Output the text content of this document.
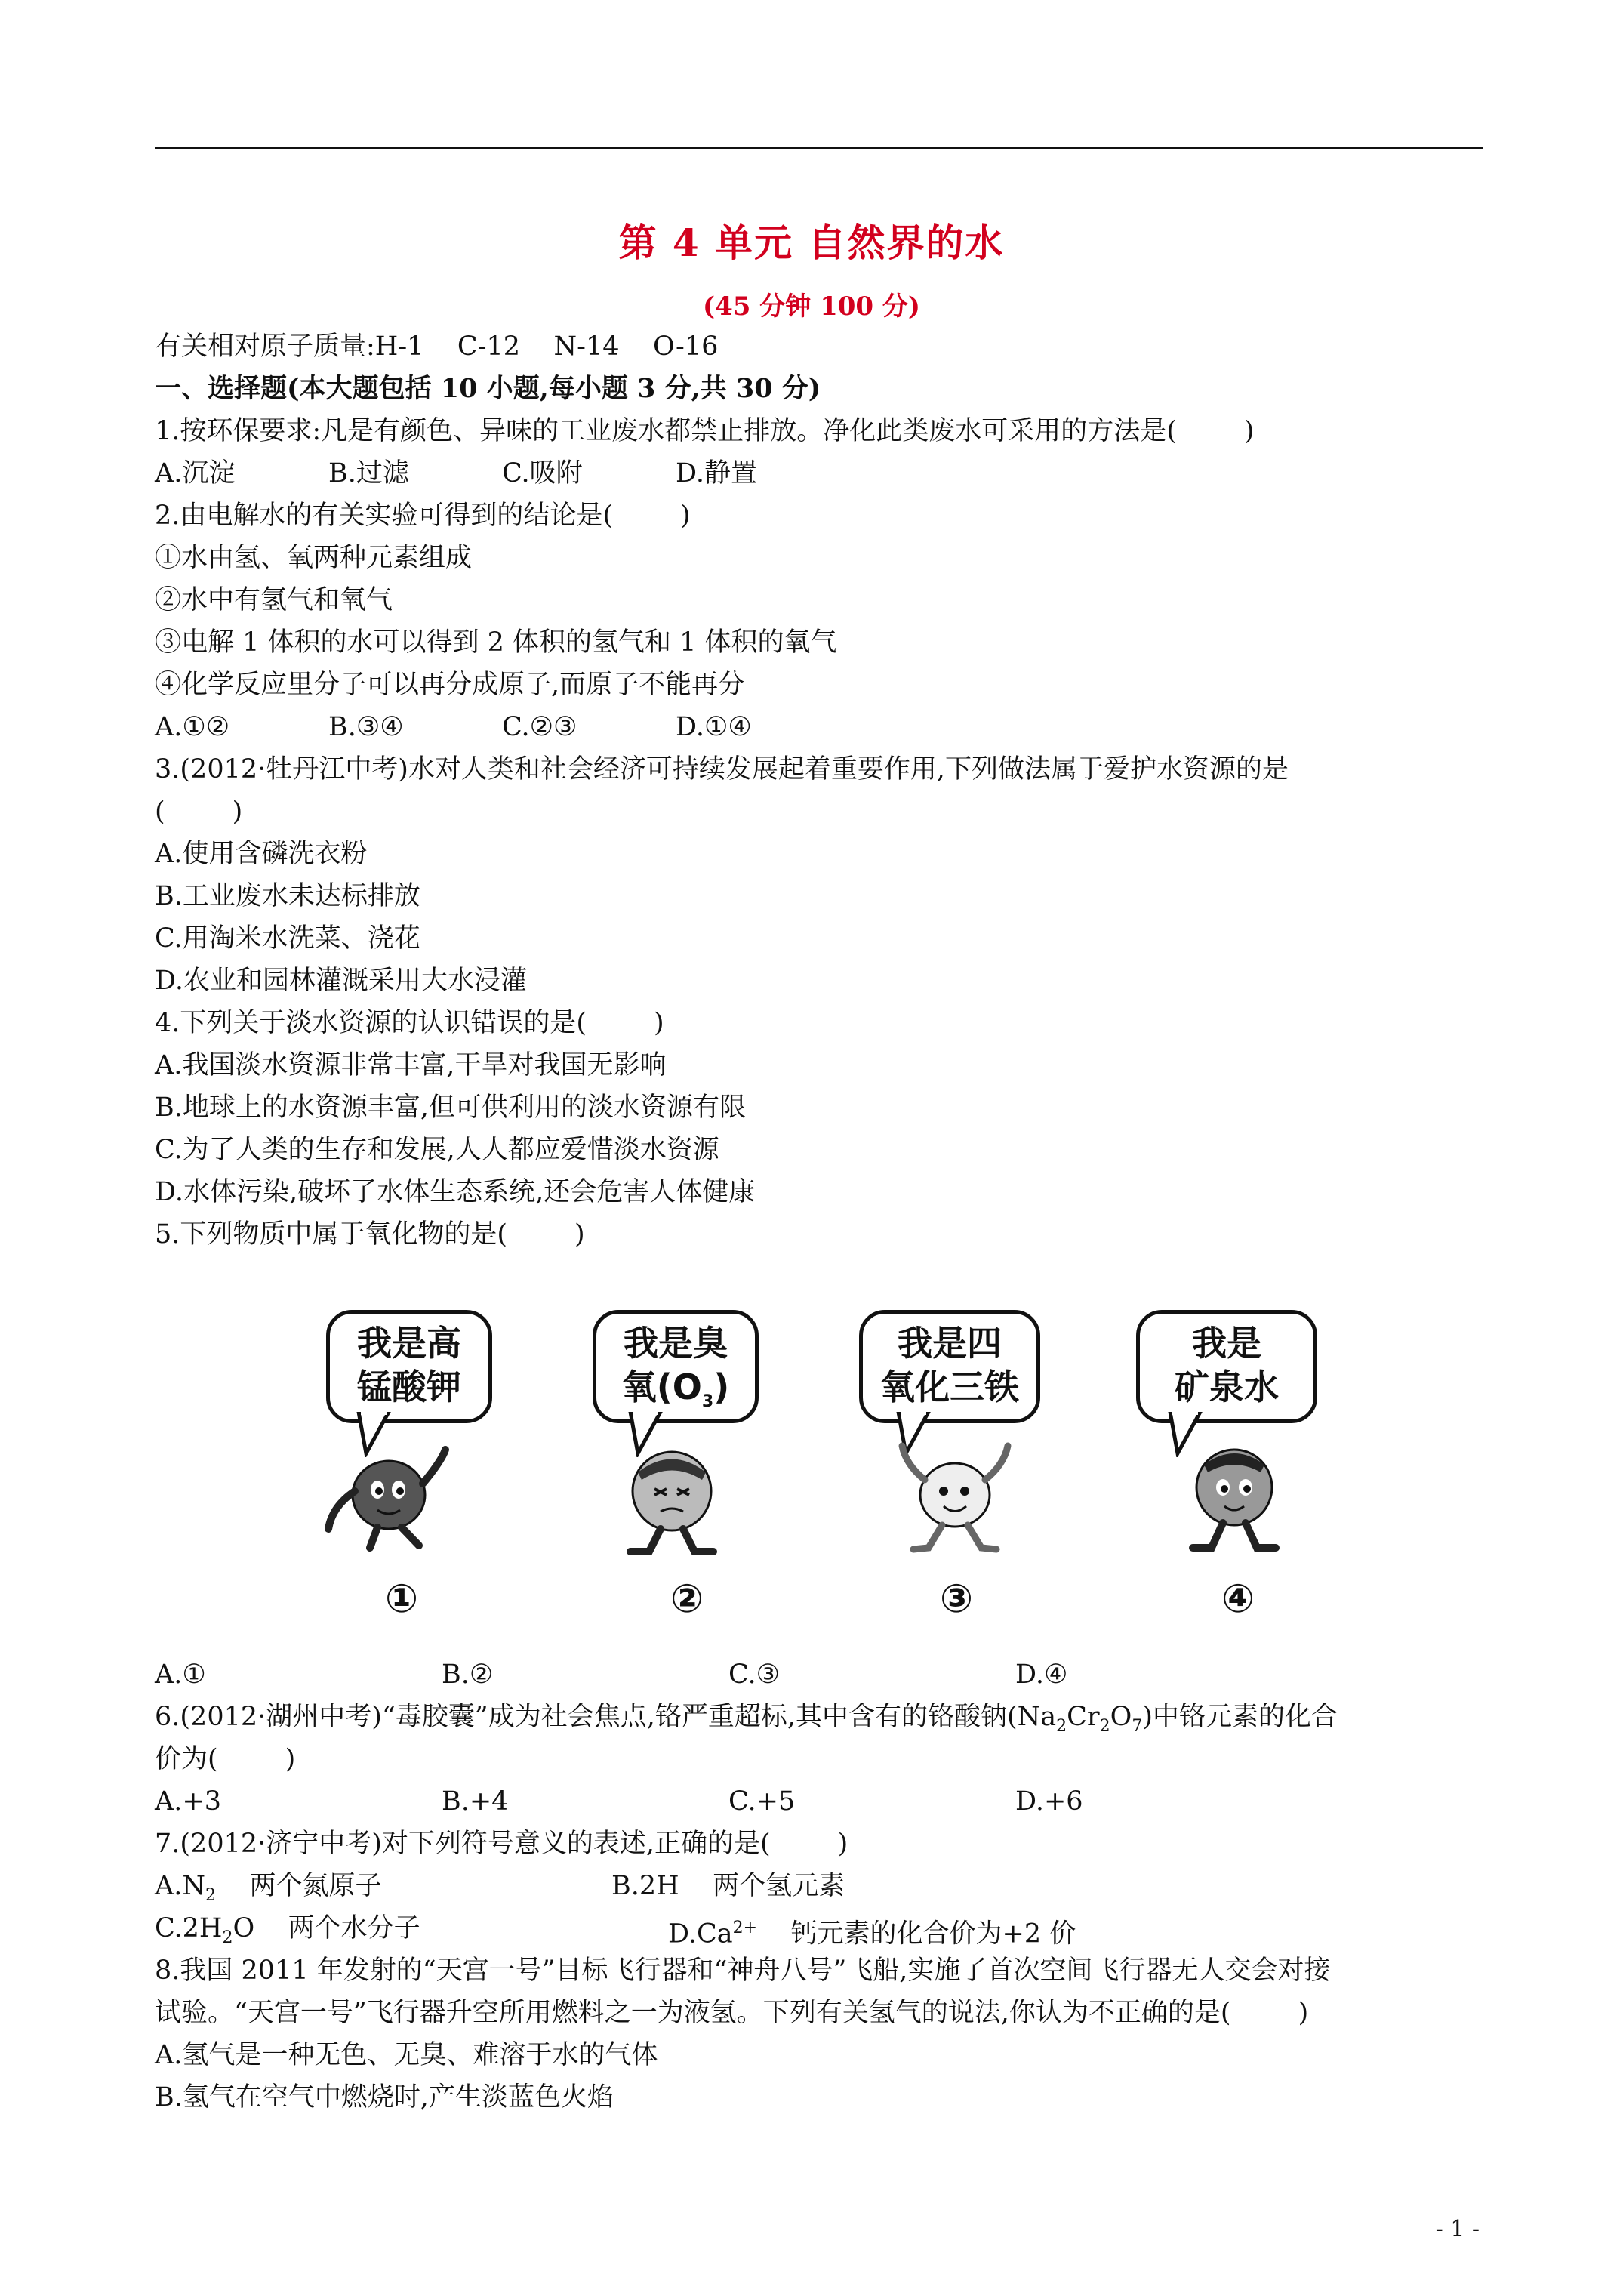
第 4 单元 自然界的水
(45 分钟 100 分)
有关相对原子质量:H-1    C-12    N-14    O-16
一、选择题(本大题包括 10 小题,每小题 3 分,共 30 分)
1.按环保要求:凡是有颜色、异味的工业废水都禁止排放。净化此类废水可采用的方法是(        )
A.沉淀	B.过滤	C.吸附	D.静置
2.由电解水的有关实验可得到的结论是(        )
①水由氢、氧两种元素组成
②水中有氢气和氧气
③电解 1 体积的水可以得到 2 体积的氢气和 1 体积的氧气
④化学反应里分子可以再分成原子,而原子不能再分
A.①②	B.③④	C.②③	D.①④
3.(2012·牡丹江中考)水对人类和社会经济可持续发展起着重要作用,下列做法属于爱护水资源的是
(        )
A.使用含磷洗衣粉
B.工业废水未达标排放
C.用淘米水洗菜、浇花
D.农业和园林灌溉采用大水浸灌
4.下列关于淡水资源的认识错误的是(        )
A.我国淡水资源非常丰富,干旱对我国无影响
B.地球上的水资源丰富,但可供利用的淡水资源有限
C.为了人类的生存和发展,人人都应爱惜淡水资源
D.水体污染,破坏了水体生态系统,还会危害人体健康
5.下列物质中属于氧化物的是(        )
我是高
锰酸钾
我是臭
氧$(O_3)$
我是四
氧化三铁
我是
矿泉水
①	②	③	④
A.①	B.②	C.③	D.④
6.(2012·湖州中考)“毒胶囊”成为社会焦点,铬严重超标,其中含有的铬酸钠$(Na_2Cr_2O_7)$中铬元素的化合
价为(        )
A.+3	B.+4	C.+5	D.+6
7.(2012·济宁中考)对下列符号意义的表述,正确的是(        )
$A.N_2$    两个氮原子	B.2H    两个氢元素
$C.2H_2O$    两个水分子	$D.Ca^{2+}$    钙元素的化合价为+2 价
8.我国 2011 年发射的“天宫一号”目标飞行器和“神舟八号”飞船,实施了首次空间飞行器无人交会对接
试验。“天宫一号”飞行器升空所用燃料之一为液氢。下列有关氢气的说法,你认为不正确的是(        )
A.氢气是一种无色、无臭、难溶于水的气体
B.氢气在空气中燃烧时,产生淡蓝色火焰
- 1 -
